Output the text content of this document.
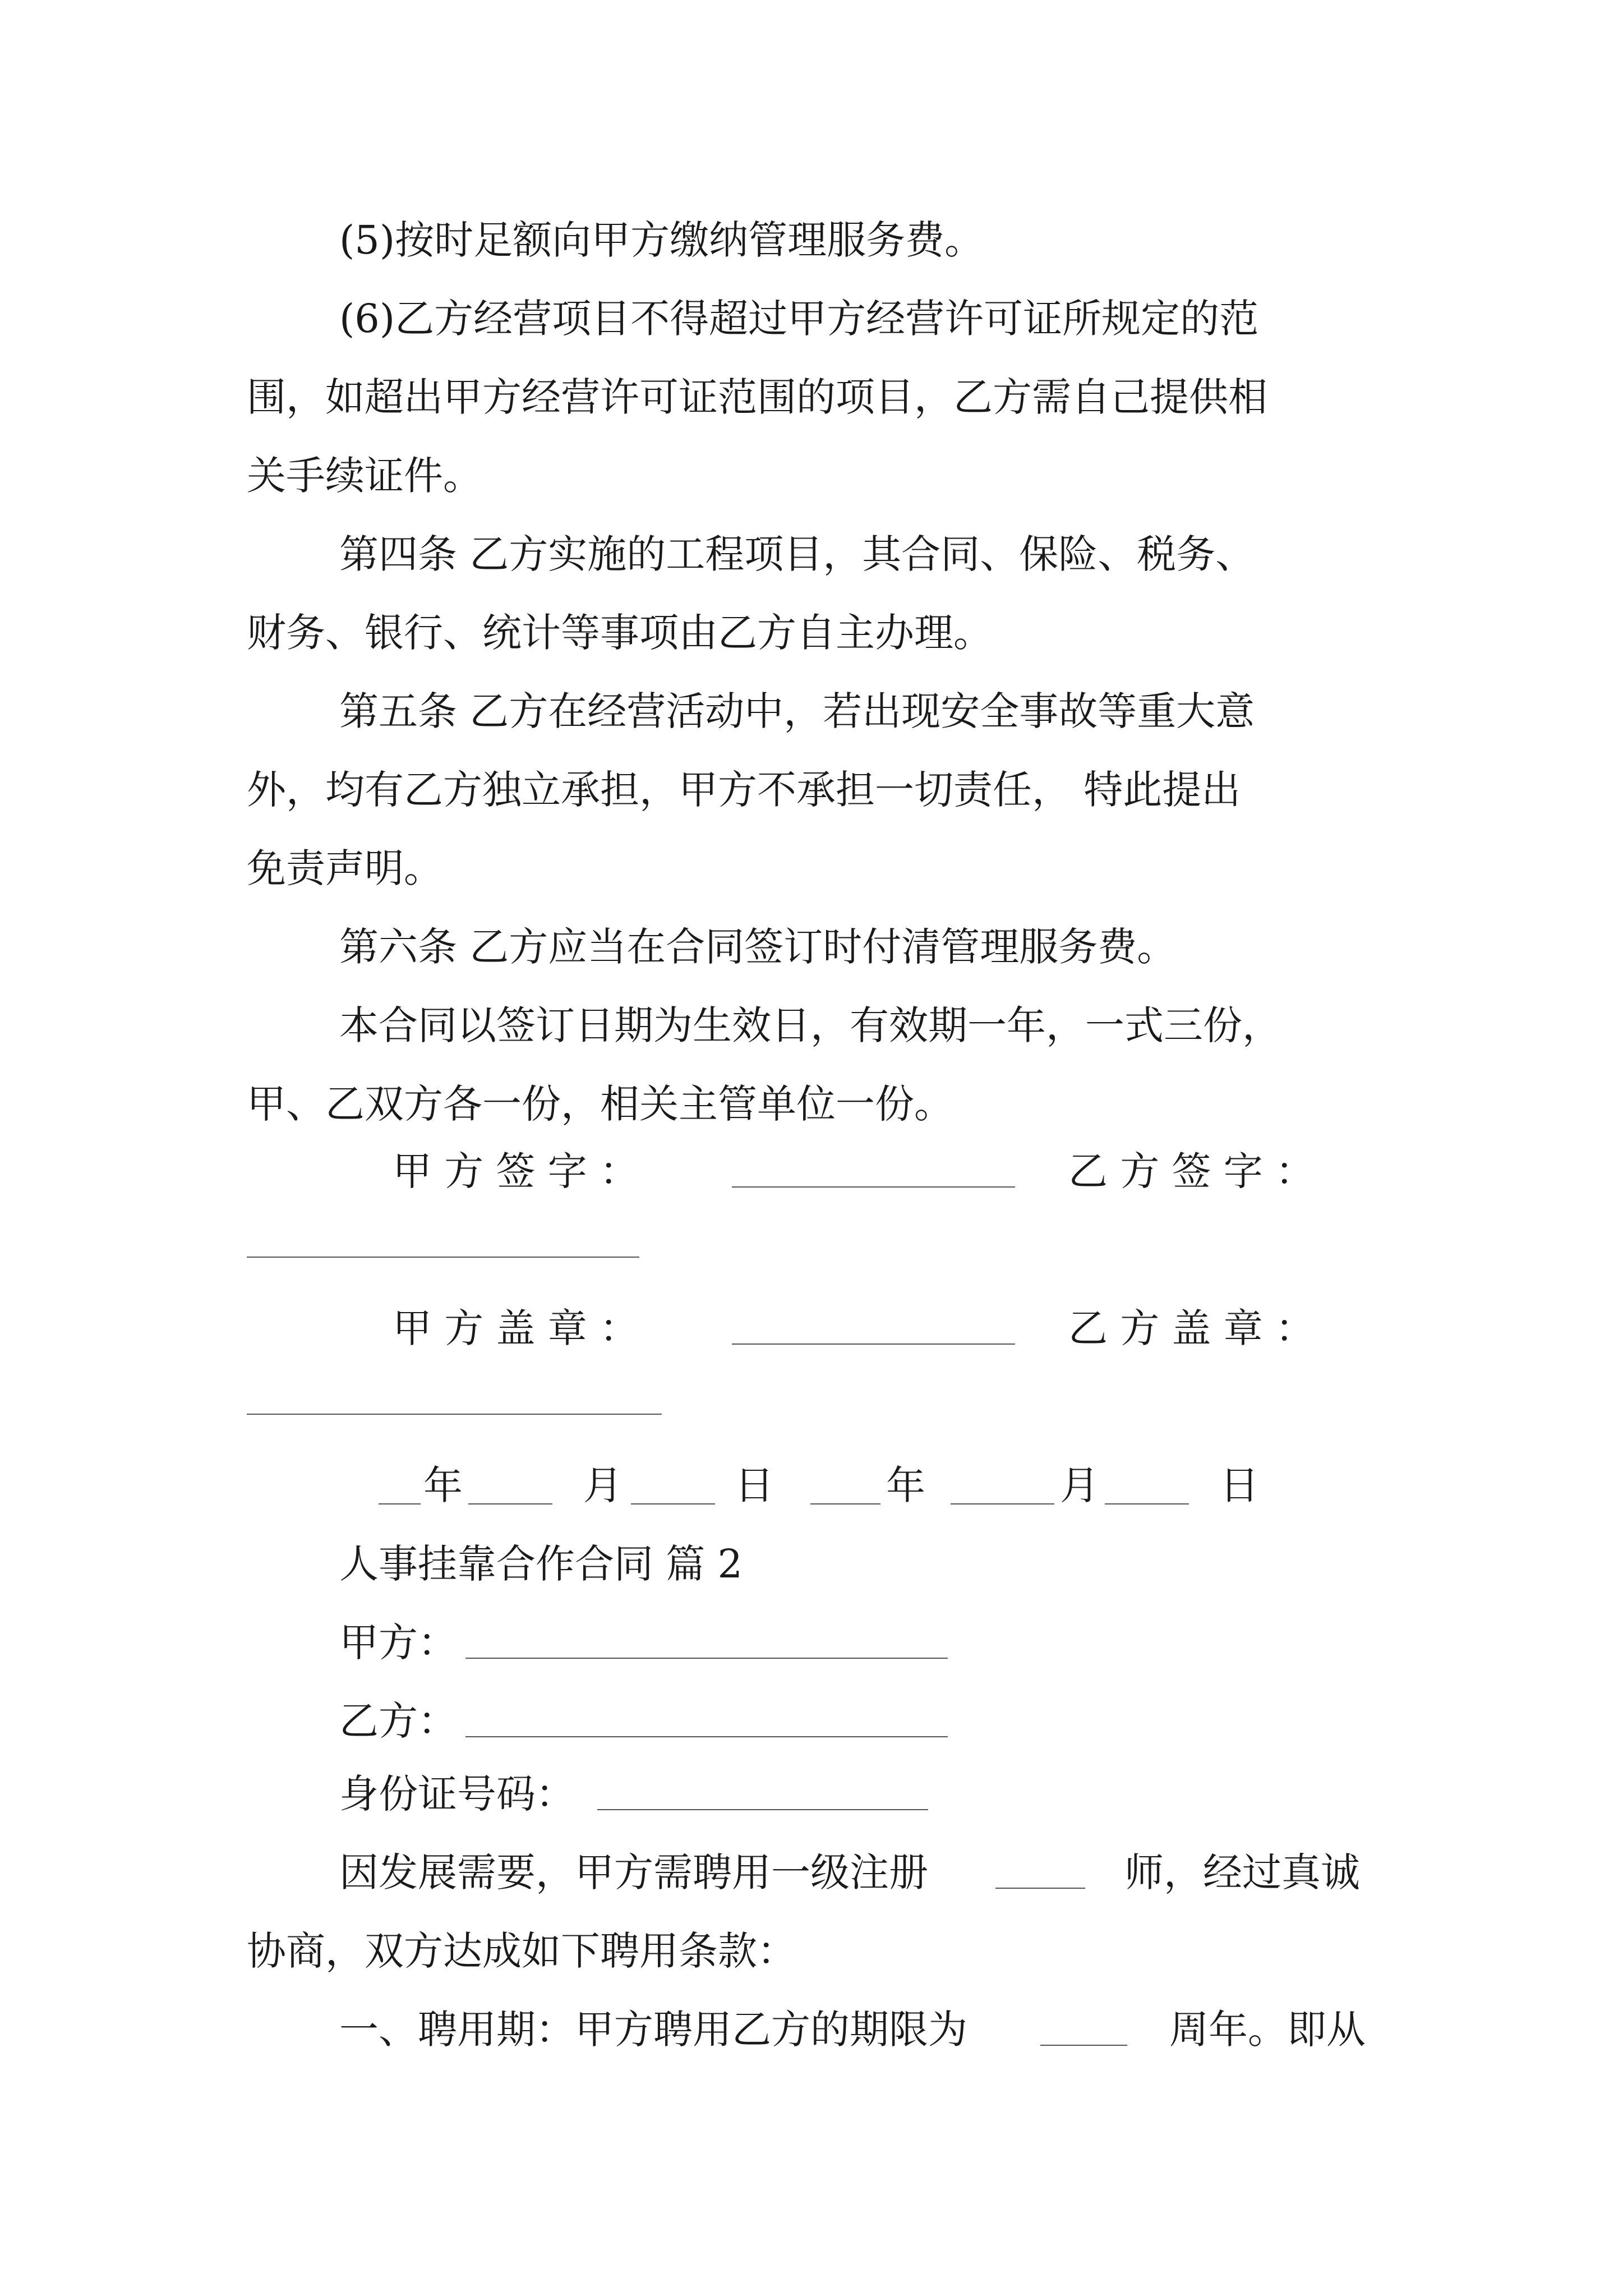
(5)按时足额向甲方缴纳管理服务费。

(6)乙方经营项目不得超过甲方经营许可证所规定的范

围，如超出甲方经营许可证范围的项目，乙方需自己提供相

关手续证件。

第四条 乙方实施的工程项目，其合同、保险、税务、

财务、银行、统计等事项由乙方自主办理。

第五条 乙方在经营活动中，若出现安全事故等重大意

外，均有乙方独立承担，甲方不承担一切责任， 特此提出

免责声明。

第六条 乙方应当在合同签订时付清管理服务费。

本合同以签订日期为生效日，有效期一年，一式三份，

甲、乙双方各一份，相关主管单位一份。

甲 方 签 字 ：	乙 方 签 字 ：

甲 方 盖 章 ：	乙 方 盖 章 ：

年	月	日	年	月	日

人事挂靠合作合同 篇 2

甲方：

乙方：

身份证号码：

因发展需要，甲方需聘用一级注册	师，经过真诚

协商，双方达成如下聘用条款：

一、聘用期：甲方聘用乙方的期限为	周年。即从
